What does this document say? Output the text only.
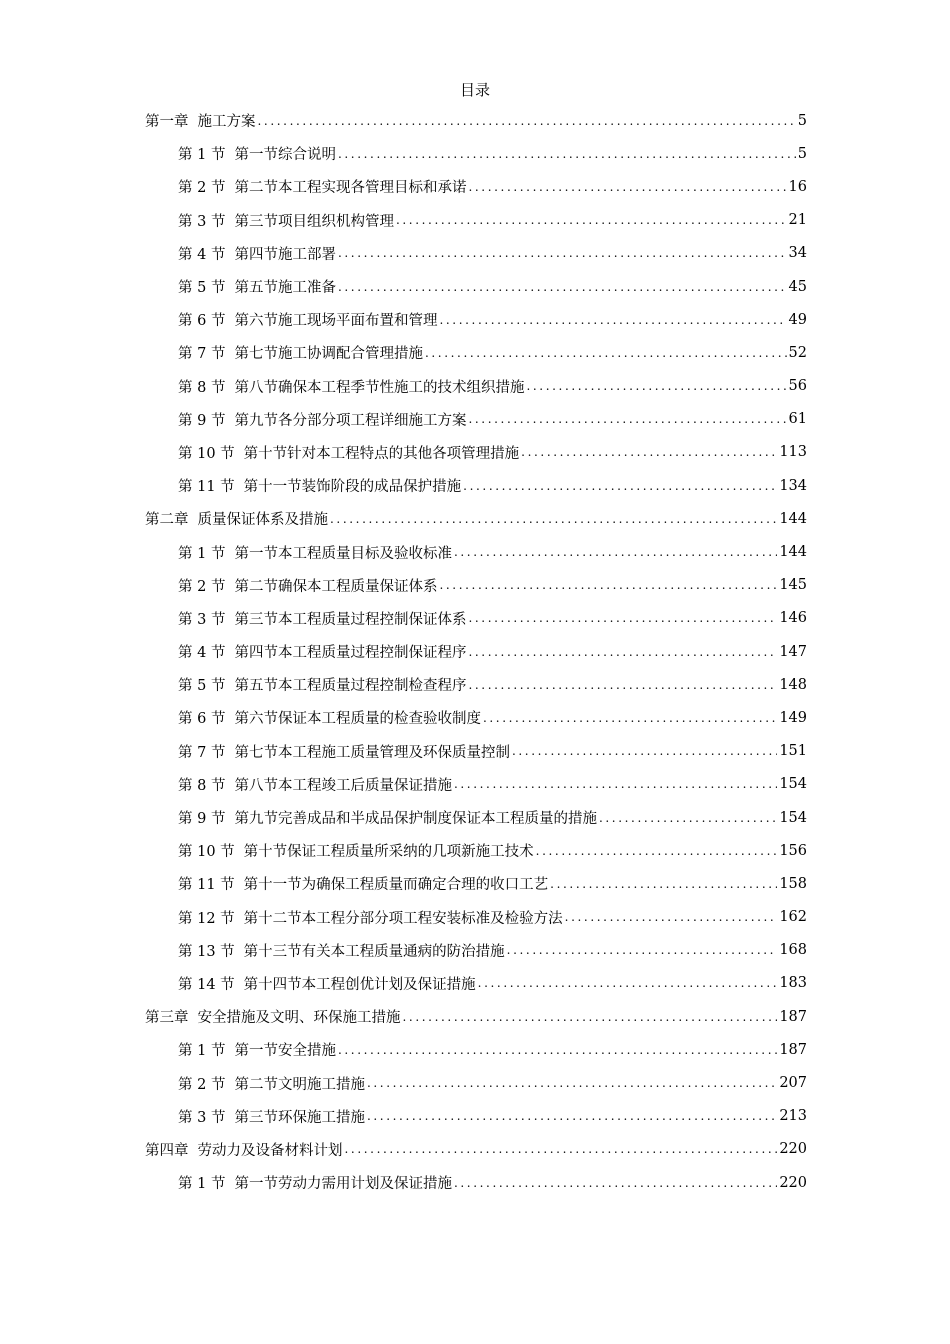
目录
第一章 施工方案 .....	5
第 1 节 第一节综合说明 .....	5
第 2 节 第二节本工程实现各管理目标和承诺 .....	16
第 3 节 第三节项目组织机构管理 .....	21
第 4 节 第四节施工部署 .....	34
第 5 节 第五节施工准备 .....	45
第 6 节 第六节施工现场平面布置和管理 .....	49
第 7 节 第七节施工协调配合管理措施 .....	52
第 8 节 第八节确保本工程季节性施工的技术组织措施 .....	56
第 9 节 第九节各分部分项工程详细施工方案 .....	61
第 10 节 第十节针对本工程特点的其他各项管理措施 .....	113
第 11 节 第十一节装饰阶段的成品保护措施 .....	134
第二章 质量保证体系及措施 .....	144
第 1 节 第一节本工程质量目标及验收标准 .....	144
第 2 节 第二节确保本工程质量保证体系 .....	145
第 3 节 第三节本工程质量过程控制保证体系 .....	146
第 4 节 第四节本工程质量过程控制保证程序 .....	147
第 5 节 第五节本工程质量过程控制检查程序 .....	148
第 6 节 第六节保证本工程质量的检查验收制度 .....	149
第 7 节 第七节本工程施工质量管理及环保质量控制 .....	151
第 8 节 第八节本工程竣工后质量保证措施 .....	154
第 9 节 第九节完善成品和半成品保护制度保证本工程质量的措施 .....	154
第 10 节 第十节保证工程质量所采纳的几项新施工技术 .....	156
第 11 节 第十一节为确保工程质量而确定合理的收口工艺 .....	158
第 12 节 第十二节本工程分部分项工程安装标准及检验方法 .....	162
第 13 节 第十三节有关本工程质量通病的防治措施 .....	168
第 14 节 第十四节本工程创优计划及保证措施 .....	183
第三章 安全措施及文明、环保施工措施 .....	187
第 1 节 第一节安全措施 .....	187
第 2 节 第二节文明施工措施 .....	207
第 3 节 第三节环保施工措施 .....	213
第四章 劳动力及设备材料计划 .....	220
第 1 节 第一节劳动力需用计划及保证措施 .....	220
